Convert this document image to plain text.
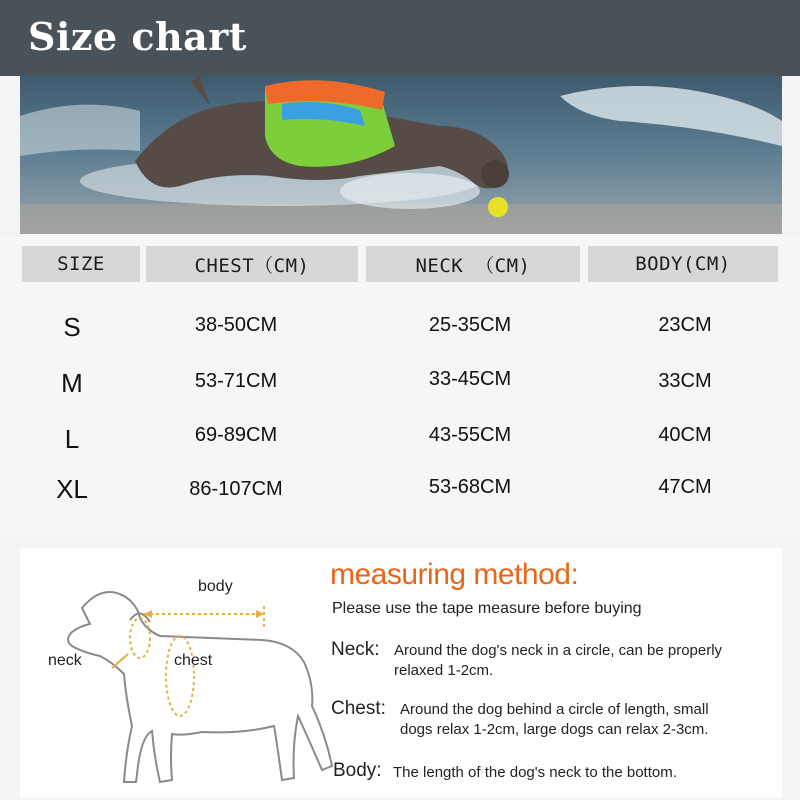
Size chart
SIZE	CHEST（CM)	NECK （CM)	BODY(CM)
S	38-50CM	25-35CM	23CM
M	53-71CM	33-45CM	33CM
L	69-89CM	43-55CM	40CM
XL	86-107CM	53-68CM	47CM
body
neck	chest
measuring method:
Please use the tape measure before buying
Neck: Around the dog's neck in a circle, can be properly
relaxed 1-2cm.
Chest: Around the dog behind a circle of length, small
dogs relax 1-2cm, large dogs can relax 2-3cm.
Body: The length of the dog's neck to the bottom.
